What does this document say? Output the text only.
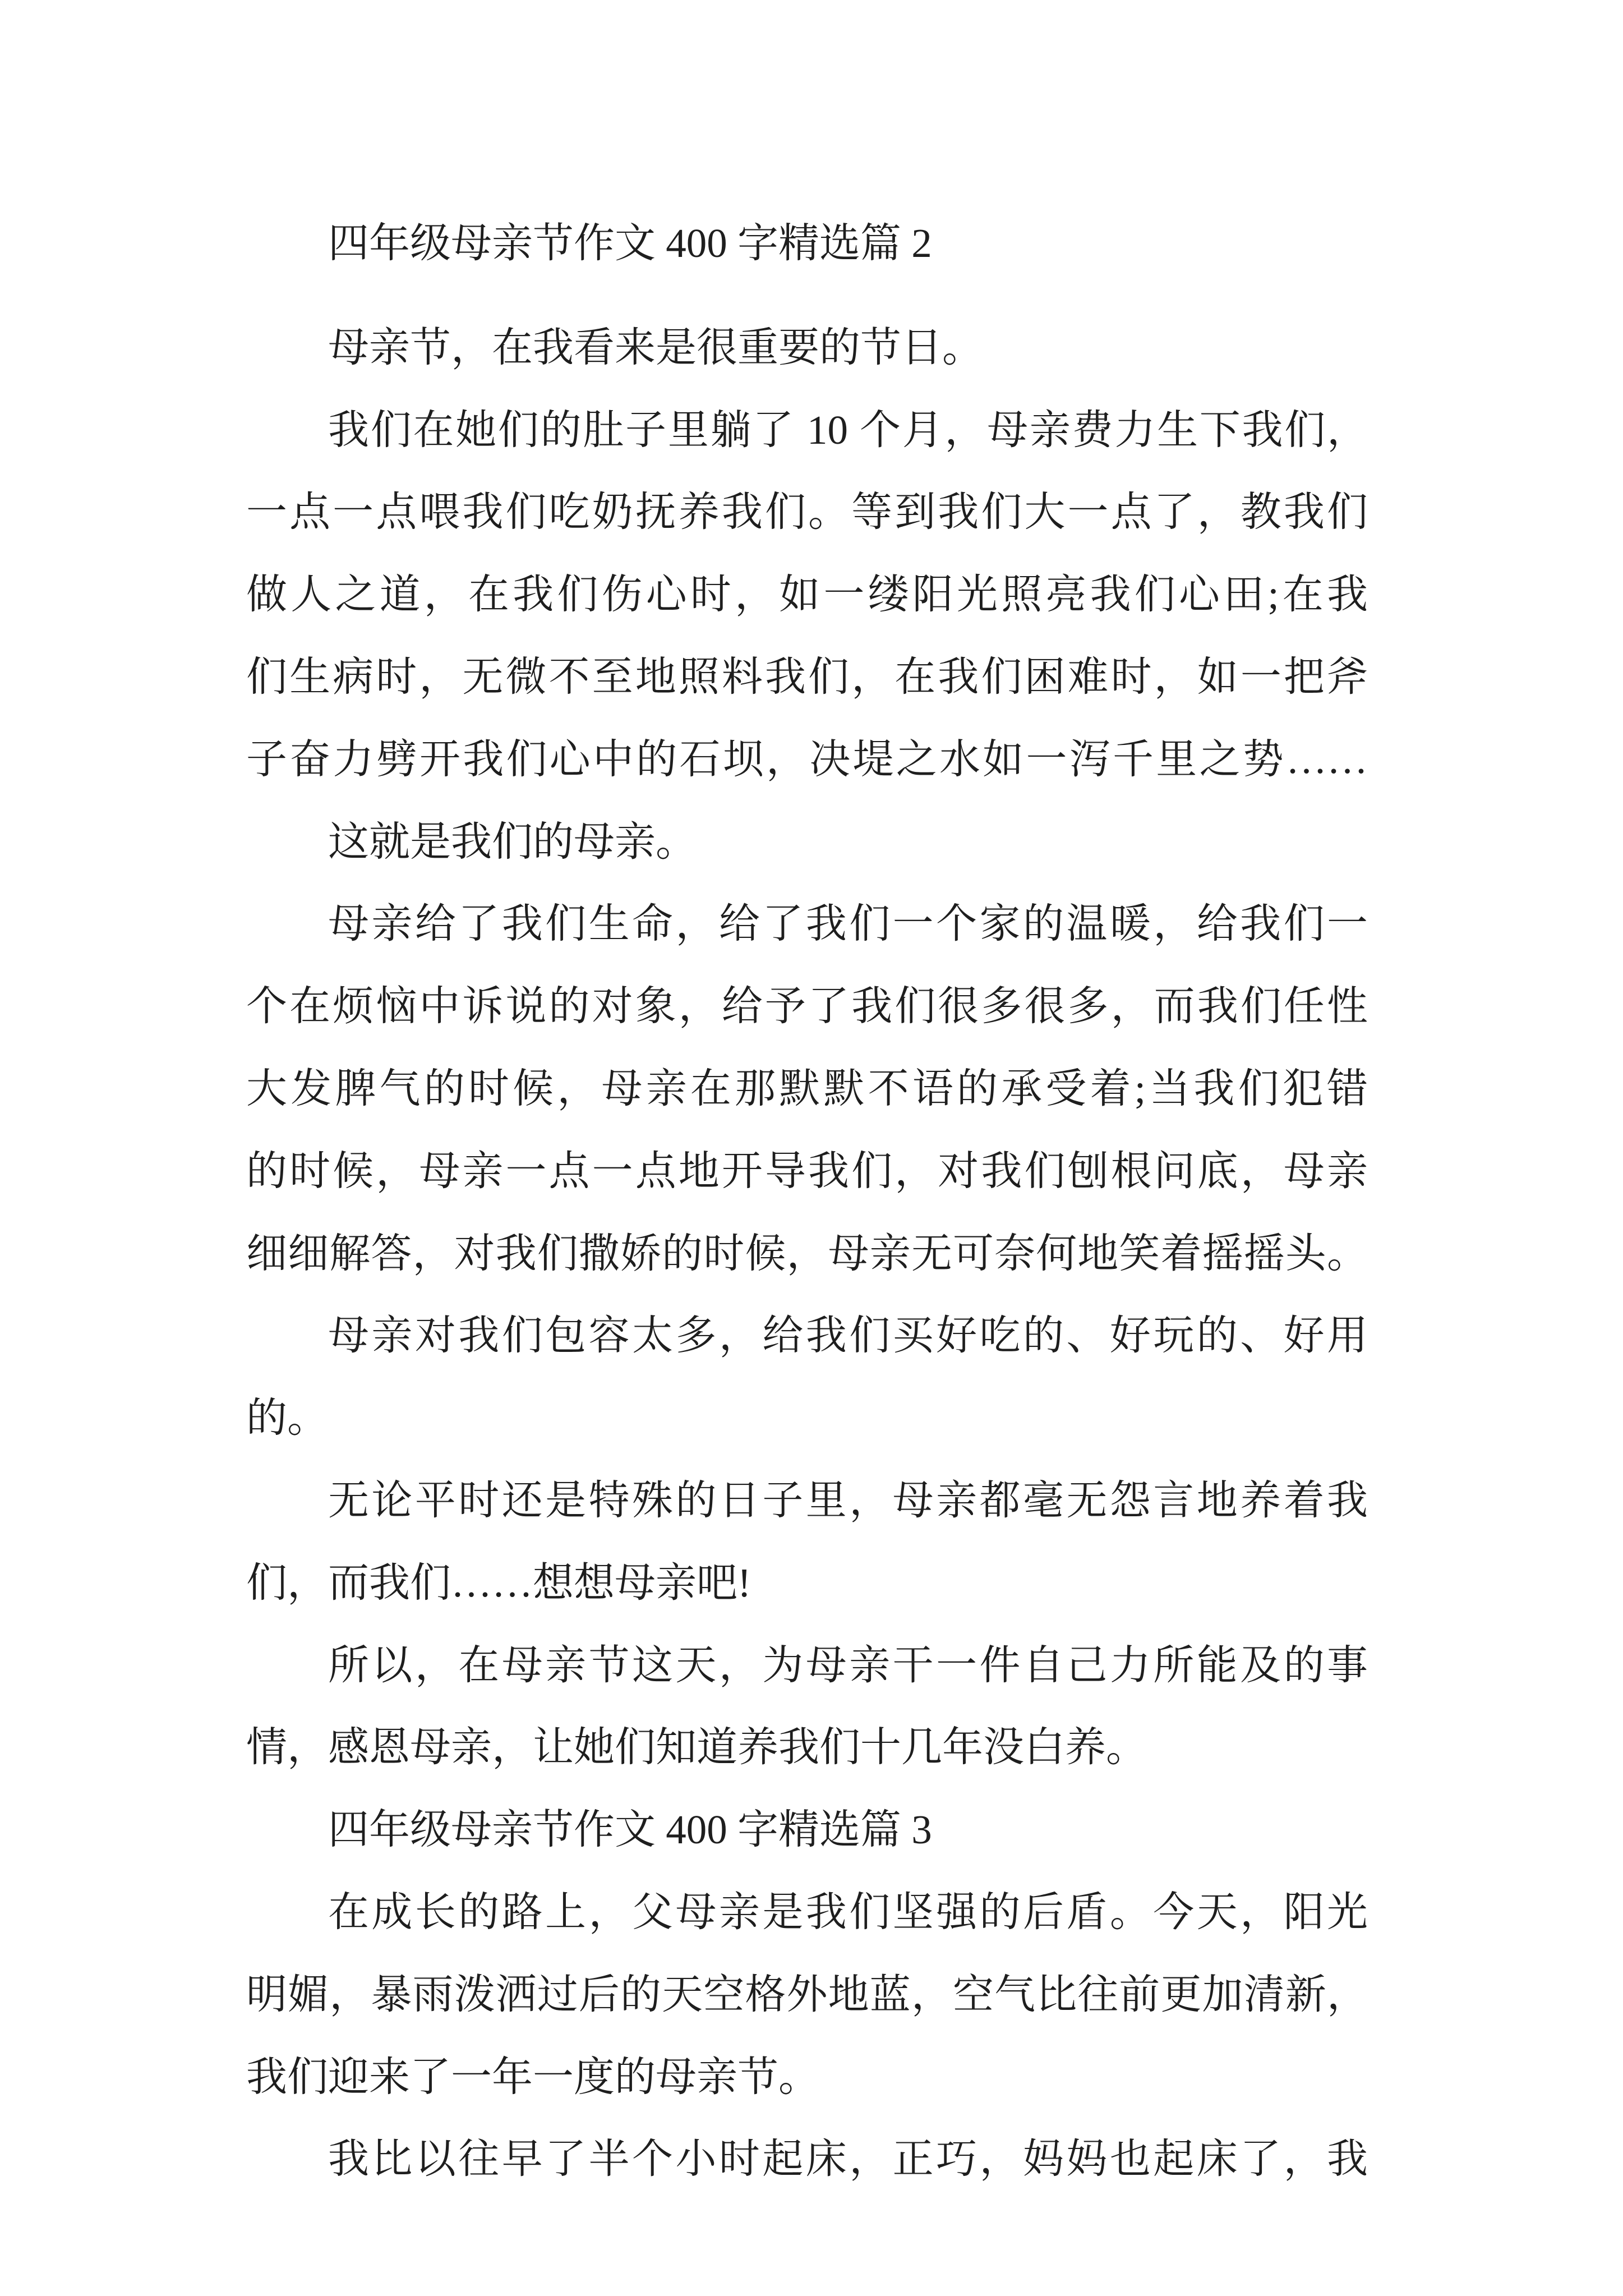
四年级母亲节作文 400 字精选篇 2
母亲节，在我看来是很重要的节日。
我们在她们的肚子里躺了 10 个月，母亲费力生下我们，
一点一点喂我们吃奶抚养我们。等到我们大一点了，教我们
做人之道，在我们伤心时，如一缕阳光照亮我们心田;在我
们生病时，无微不至地照料我们，在我们困难时，如一把斧
子奋力劈开我们心中的石坝，决堤之水如一泻千里之势……
这就是我们的母亲。
母亲给了我们生命，给了我们一个家的温暖，给我们一
个在烦恼中诉说的对象，给予了我们很多很多，而我们任性
大发脾气的时候，母亲在那默默不语的承受着;当我们犯错
的时候，母亲一点一点地开导我们，对我们刨根问底，母亲
细细解答，对我们撒娇的时候，母亲无可奈何地笑着摇摇头。
母亲对我们包容太多，给我们买好吃的、好玩的、好用
的。
无论平时还是特殊的日子里，母亲都毫无怨言地养着我
们，而我们……想想母亲吧!
所以，在母亲节这天，为母亲干一件自己力所能及的事
情，感恩母亲，让她们知道养我们十几年没白养。
四年级母亲节作文 400 字精选篇 3
在成长的路上，父母亲是我们坚强的后盾。今天，阳光
明媚，暴雨泼洒过后的天空格外地蓝，空气比往前更加清新，
我们迎来了一年一度的母亲节。
我比以往早了半个小时起床，正巧，妈妈也起床了，我
